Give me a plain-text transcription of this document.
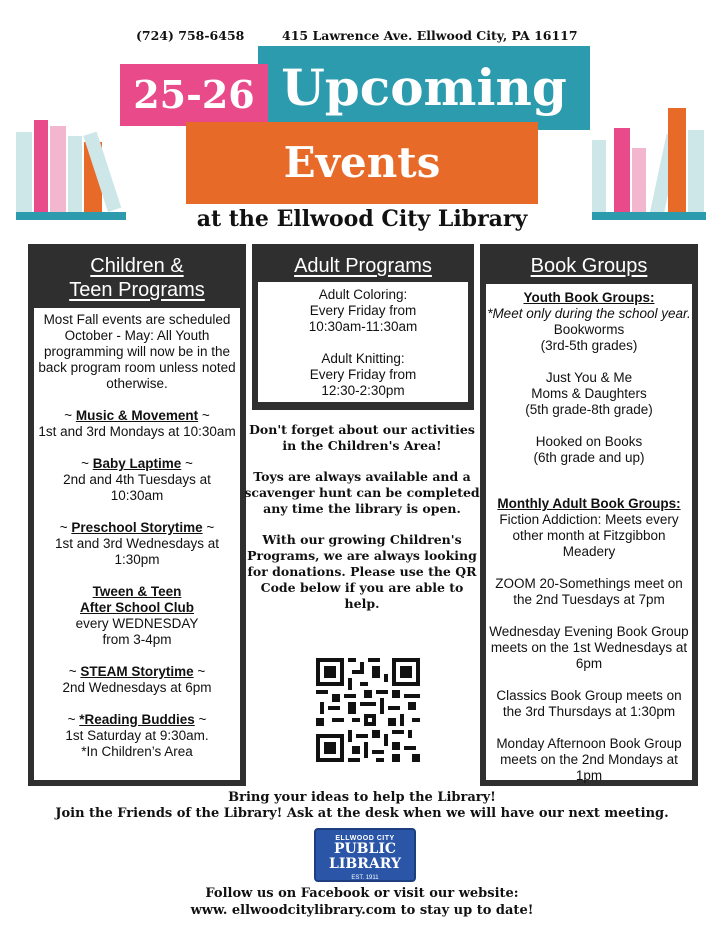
(724) 758-6458	415 Lawrence Ave. Ellwood City, PA 16117
Upcoming
25-26
Events
at the Ellwood City Library
Children &
Teen Programs
Most Fall events are scheduled October - May: All Youth programming will now be in the back program room unless noted otherwise.
~ Music & Movement ~
1st and 3rd Mondays at 10:30am
~ Baby Laptime ~
2nd and 4th Tuesdays at 10:30am
~ Preschool Storytime ~
1st and 3rd Wednesdays at 1:30pm
Tween & Teen
After School Club
every WEDNESDAY
from 3-4pm
~ STEAM Storytime ~
2nd Wednesdays at 6pm
~ *Reading Buddies ~
1st Saturday at 9:30am.
*In Children’s Area
Adult Programs
Adult Coloring:
Every Friday from
10:30am-11:30am
Adult Knitting:
Every Friday from
12:30-2:30pm

Don't forget about our activities in the Children's Area!

Toys are always available and a scavenger hunt can be completed any time the library is open.

With our growing Children's Programs, we are always looking for donations. Please use the QR Code below if you are able to help.

Book Groups
Youth Book Groups:
*Meet only during the school year.
Bookworms
(3rd-5th grades)
Just You & Me
Moms & Daughters
(5th grade-8th grade)
Hooked on Books
(6th grade and up)
Monthly Adult Book Groups:
Fiction Addiction: Meets every other month at Fitzgibbon Meadery
ZOOM 20-Somethings meet on the 2nd Tuesdays at 7pm
Wednesday Evening Book Group meets on the 1st Wednesdays at 6pm
Classics Book Group meets on the 3rd Thursdays at 1:30pm
Monday Afternoon Book Group meets on the 2nd Mondays at 1pm
Bring your ideas to help the Library!
Join the Friends of the Library! Ask at the desk when we will have our next meeting.
ELLWOOD CITY
PUBLIC LIBRARY
EST. 1911
Follow us on Facebook or visit our website:
www. ellwoodcitylibrary.com to stay up to date!
